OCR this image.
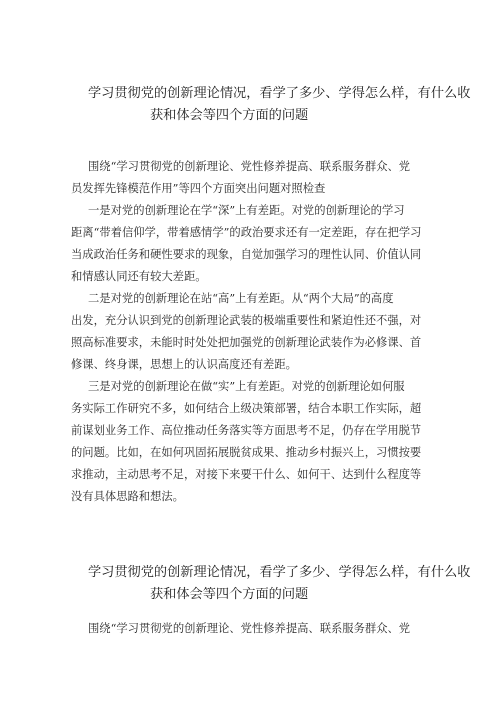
学习贯彻党的创新理论情况，看学了多少、学得怎么样，有什么收
获和体会等四个方面的问题
围绕“学习贯彻党的创新理论、党性修养提高、联系服务群众、党
员发挥先锋模范作用”等四个方面突出问题对照检查
一是对党的创新理论在学“深”上有差距。对党的创新理论的学习
距离“带着信仰学，带着感情学”的政治要求还有一定差距，存在把学习
当成政治任务和硬性要求的现象，自觉加强学习的理性认同、价值认同
和情感认同还有较大差距。
二是对党的创新理论在站“高”上有差距。从“两个大局”的高度
出发，充分认识到党的创新理论武装的极端重要性和紧迫性还不强，对
照高标准要求，未能时时处处把加强党的创新理论武装作为必修课、首
修课、终身课，思想上的认识高度还有差距。
三是对党的创新理论在做“实”上有差距。对党的创新理论如何服
务实际工作研究不多，如何结合上级决策部署，结合本职工作实际，超
前谋划业务工作、高位推动任务落实等方面思考不足，仍存在学用脱节
的问题。比如，在如何巩固拓展脱贫成果、推动乡村振兴上，习惯按要
求推动，主动思考不足，对接下来要干什么、如何干、达到什么程度等
没有具体思路和想法。
学习贯彻党的创新理论情况，看学了多少、学得怎么样，有什么收
获和体会等四个方面的问题
围绕“学习贯彻党的创新理论、党性修养提高、联系服务群众、党
